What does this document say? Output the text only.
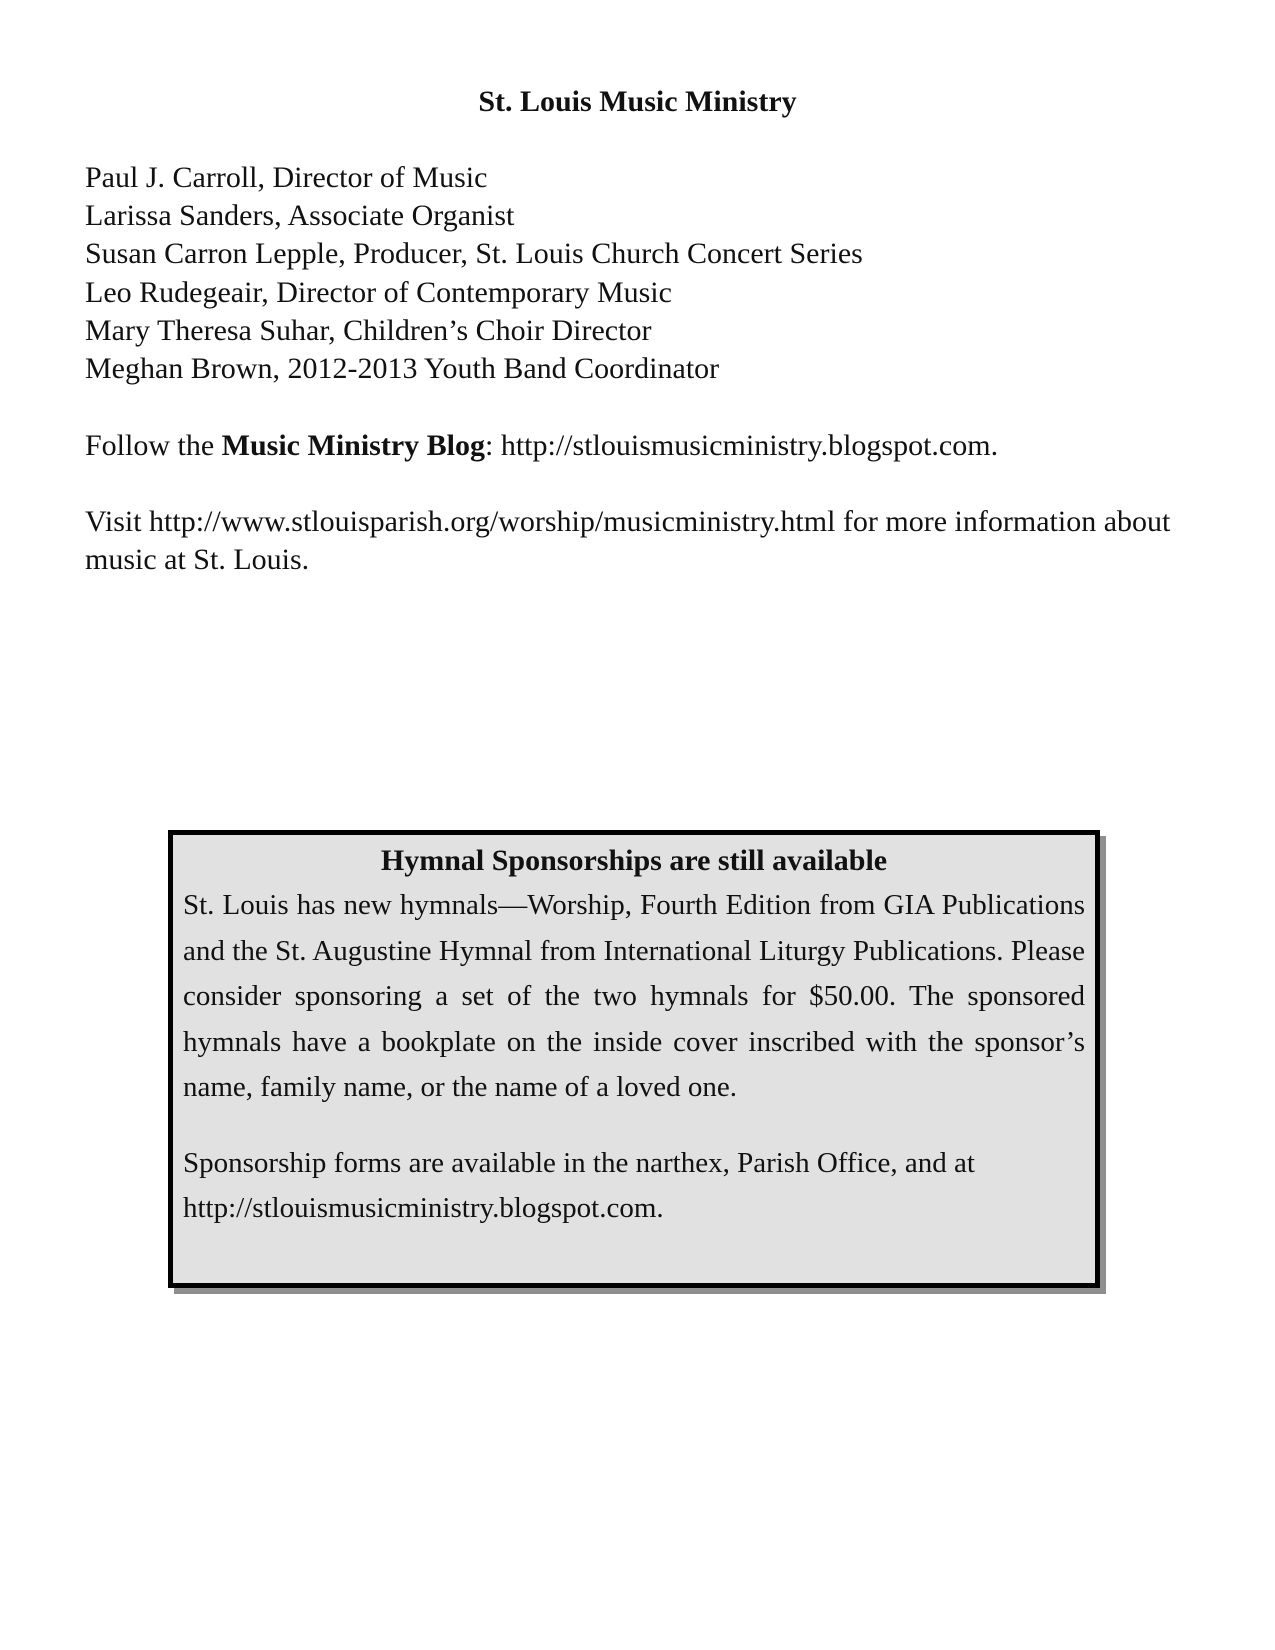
St. Louis Music Ministry
Paul J. Carroll, Director of Music
Larissa Sanders, Associate Organist
Susan Carron Lepple, Producer, St. Louis Church Concert Series
Leo Rudegeair, Director of Contemporary Music
Mary Theresa Suhar, Children’s Choir Director
Meghan Brown, 2012-2013 Youth Band Coordinator
Follow the Music Ministry Blog: http://stlouismusicministry.blogspot.com.
Visit http://www.stlouisparish.org/worship/musicministry.html for more information about music at St. Louis.
Hymnal Sponsorships are still available

St. Louis has new hymnals—Worship, Fourth Edition from GIA Publications and the St. Augustine Hymnal from International Liturgy Publications. Please consider sponsoring a set of the two hymnals for $50.00. The sponsored hymnals have a bookplate on the inside cover inscribed with the sponsor’s name, family name, or the name of a loved one.

Sponsorship forms are available in the narthex, Parish Office, and at
http://stlouismusicministry.blogspot.com.
